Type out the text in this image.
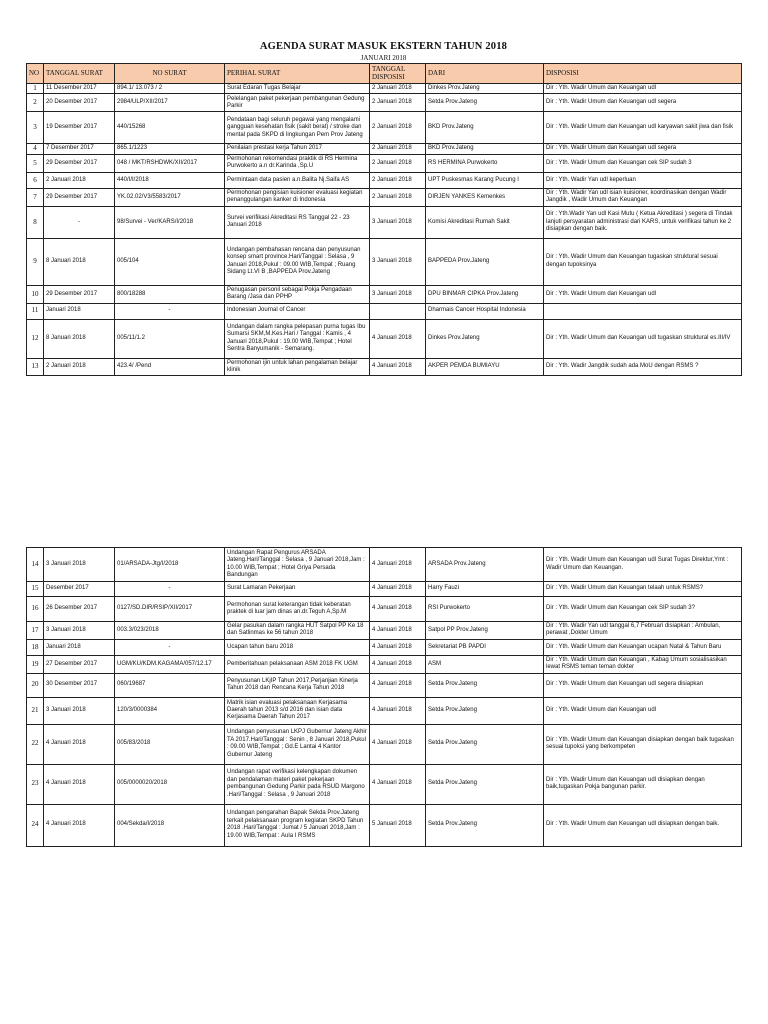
AGENDA SURAT MASUK EKSTERN TAHUN 2018

JANUARI 2018

NO	TANGGAL SURAT	NO SURAT	PERIHAL SURAT	TANGGAL DISPOSISI	DARI	DISPOSISI
1	11 Desember 2017	894.1/ 13.073 / 2	Surat Edaran Tugas Belajar	2 Januari 2018	Dinkes Prov.Jateng	Dir : Yth. Wadir Umum dan Keuangan udl
2	20 Desember 2017	2984/ULP/XII/2017	Pelelangan paket pekerjaan pembangunan Gedung Parkir	2 Januari 2018	Setda Prov.Jateng	Dir : Yth. Wadir Umum dan Keuangan udl segera
3	19 Desember 2017	440/15268	Pendataan bagi seluruh pegawai yang mengalami gangguan kesehatan fisik (sakit berat) / stroke dan mental pada SKPD di lingkungan Pem Prov Jateng	2 Januari 2018	BKD Prov.Jateng	Dir : Yth. Wadir Umum dan Keuangan udl karyawan sakit jiwa dan fisik
4	7 Desember 2017	865.1/1223	Penilaian prestasi kerja Tahun 2017	2 Januari 2018	BKD Prov.Jateng	Dir : Yth. Wadir Umum dan Keuangan udl segera
5	29 Desember 2017	048 / MKT/RSHDWK/XII/2017	Permohonan rekomendasi praktik di RS Hermina Purwokerto a.n dr.Karinda ,Sp.U	2 Januari 2018	RS HERMINA Purwokerto	Dir : Yth. Wadir Umum dan Keuangan cek SIP sudah 3
6	2 Januari 2018	440/I/I/2018	Permintaan data pasien a.n.Balita Nj.Saifa AS	2 Januari 2018	UPT Puskesmas Karang Pucung I	Dir : Yth. Wadir Yan udl keperluan
7	29 Desember 2017	YK.02.02/V3/5583/2017	Permohonan pengisian kuisioner evaluasi kegiatan penanggulangan kanker di Indonesia	2 Januari 2018	DIRJEN YANKES Kemenkes	Dir : Yth. Wadir Yan udl isian kuisioner, koordinasikan dengan Wadir Jangdik , Wadir Umum dan Keuangan
8	-	98/Survei - Ver/KARS/I/2018	Survei verifikasi Akreditasi RS Tanggal 22 - 23 Januari 2018	3 Januari 2018	Komisi Akreditasi Rumah Sakit	Dir : Yth.Wadir Yan udl Kasi Mutu ( Ketua Akreditasi ) segera di Tindak lanjuti persyaratan administrasi dari KARS, untuk verifikasi tahun ke 2 disiapkan dengan baik.
9	8 Januari 2018	005/104	Undangan pembahasan rencana dan penyusunan konsep smart province.Hari/Tanggal : Selasa , 9 Januari 2018,Pukul : 09.00 WIB,Tempat ; Ruang Sidang Lt.VI B ,BAPPEDA Prov.Jateng	3 Januari 2018	BAPPEDA Prov.Jateng	Dir : Yth. Wadir Umum dan Keuangan tugaskan struktural sesuai dengan tupoksinya
10	29 Desember 2017	800/18288	Penugasan personil sebagai Pokja Pengadaan Barang /Jasa dan PPHP	3 Januari 2018	DPU BINMAR CIPKA Prov.Jateng	Dir : Yth. Wadir Umum dan Keuangan udl
11	Januari 2018	-	Indonesian Journal of Cancer		Dharmais Cancer Hospital Indonesia	
12	8 Januari 2018	005/11/1.2	Undangan dalam rangka pelepasan purna tugas Ibu Sumarsi SKM,M.Kes.Hari / Tanggal : Kamis , 4 Januari 2018,Pukul : 19.00 WIB,Tempat ; Hotel Sentra Banyumanik - Semarang.	4 Januari 2018	Dinkes Prov.Jateng	Dir : Yth. Wadir Umum dan Keuangan udl tugaskan struktural es.III/IV
13	2 Januari 2018	423.4/ /Pend	Permohonan ijin untuk lahan pengalaman belajar klinik	4 Januari 2018	AKPER PEMDA BUMIAYU	Dir : Yth. Wadir Jangdik sudah ada MoU dengan RSMS ?
14	3 Januari 2018	01/ARSADA-Jtg/I/2018	Undangan Rapat Pengurus ARSADA Jateng.Hari/Tanggal : Selasa , 9 Januari 2018,Jam : 10.00 WIB,Tempat ; Hotel Griya Persada Bandungan	4 Januari 2018	ARSADA Prov.Jateng	Dir : Yth. Wadir Umum dan Keuangan udl Surat Tugas Direktur,Ymt : Wadir Umum dan Keuangan.
15	Desember 2017	-	Surat Lamaran Pekerjaan	4 Januari 2018	Harry Fauzi	Dir : Yth. Wadir Umum dan Keuangan telaah untuk RSMS?
16	26 Desember 2017	0127/SD.DIR/RSIP/XII/2017	Permohonan surat keterangan tidak keberatan praktek di luar jam dinas an.dr.Teguh A,Sp.M	4 Januari 2018	RSI Purwokerto	Dir : Yth. Wadir Umum dan Keuangan cek SIP sudah 3?
17	3 Januari 2018	003.3/023/2018	Gelar pasukan dalam rangka HUT Satpol PP Ke 18 dan Satlinmas ke 56 tahun 2018	4 Januari 2018	Satpol PP Prov.Jateng	Dir : Yth. Wadir Yan udl tanggal 6,7 Februari disiapkan : Ambulan, perawat ,Dokter Umum
18	Januari 2018	-	Ucapan tahun baru 2018	4 Januari 2018	Sekretariat PB PAPDI	Dir : Yth. Wadir Umum dan Keuangan ucapan Natal & Tahun Baru
19	27 Desember 2017	UGM/KU/KDM.KAGAMA/057/12.17	Pemberitahuan pelaksanaan ASM 2018 FK UGM	4 Januari 2018	ASM	Dir : Yth. Wadir Umum dan Keuangan , Kabag Umum sosialisasikan lewat RSMS teman teman dokter
20	30 Desember 2017	060/19687	Penyusunan LKjIP Tahun 2017,Perjanjian Kinerja Tahun 2018 dan Rencana Kerja Tahun 2018	4 Januari 2018	Setda Prov.Jateng	Dir : Yth. Wadir Umum dan Keuangan udl segera disiapkan
21	3 Januari 2018	120/3/0000384	Matrik isian evaluasi pelaksanaan Kerjasama Daerah tahun 2013 s/d 2016 dan isian data Kerjasama Daerah Tahun 2017	4 Januari 2018	Setda Prov.Jateng	Dir : Yth. Wadir Umum dan Keuangan udl
22	4 Januari 2018	005/83/2018	Undangan penyusunan LKPJ Gubernur Jateng Akhir TA 2017.Hari/Tanggal : Senin , 8 Januari 2018,Pukul : 09.00 WIB,Tempat ; Gd.E Lantai 4 Kantor Gubernur Jateng	4 Januari 2018	Setda Prov.Jateng	Dir : Yth. Wadir Umum dan Keuangan disiapkan dengan baik tugaskan sesuai tupoksi yang berkompeten
23	4 Januari 2018	005/0000020/2018	Undangan rapat verifikasi kelengkapan dokumen dan pendalaman materi paket pekerjaan pembangunan Gedung Parkir pada RSUD Margono .Hari/Tanggal : Selasa , 9 Januari 2018	4 Januari 2018	Setda Prov.Jateng	Dir : Yth. Wadir Umum dan Keuangan udl disiapkan dengan baik,tugaskan Pokja bangunan parkir.
24	4 Januari 2018	004/Sekda/I/2018	Undangan pengarahan Bapak Sekda Prov.Jateng terkait pelaksanaan program kegiatan SKPD Tahun 2018 .Hari/Tanggal : Jumat / 5 Januari 2018,Jam : 19.00 WIB,Tempat : Aula I RSMS	5 Januari 2018	Setda Prov.Jateng	Dir : Yth. Wadir Umum dan Keuangan udl disiapkan dengan baik.
